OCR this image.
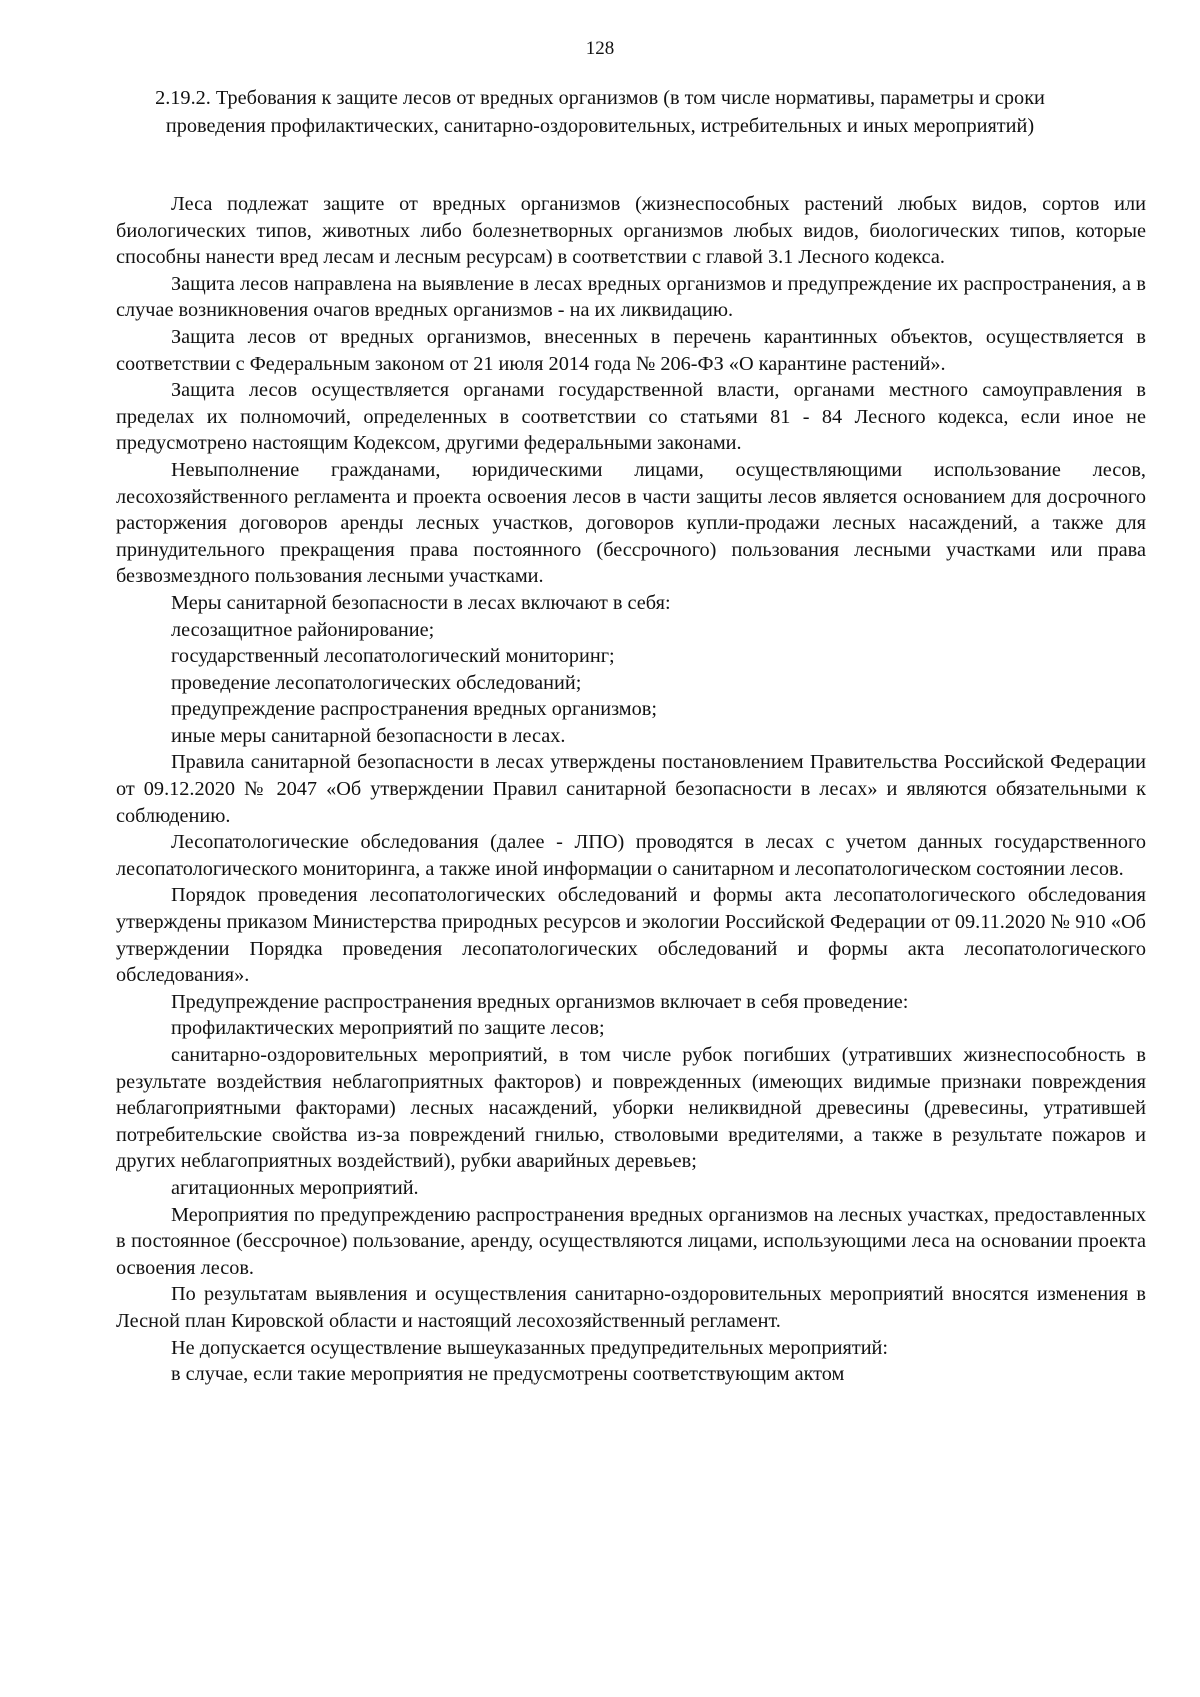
128
2.19.2. Требования к защите лесов от вредных организмов (в том числе нормативы, параметры и сроки проведения профилактических, санитарно-оздоровительных, истребительных и иных мероприятий)

Леса подлежат защите от вредных организмов (жизнеспособных растений любых видов, сортов или биологических типов, животных либо болезнетворных организмов любых видов, биологических типов, которые способны нанести вред лесам и лесным ресурсам) в соответствии с главой 3.1 Лесного кодекса.

Защита лесов направлена на выявление в лесах вредных организмов и предупреждение их распространения, а в случае возникновения очагов вредных организмов - на их ликвидацию.

Защита лесов от вредных организмов, внесенных в перечень карантинных объектов, осуществляется в соответствии с Федеральным законом от 21 июля 2014 года № 206-ФЗ «О карантине растений».

Защита лесов осуществляется органами государственной власти, органами местного самоуправления в пределах их полномочий, определенных в соответствии со статьями 81 - 84 Лесного кодекса, если иное не предусмотрено настоящим Кодексом, другими федеральными законами.

Невыполнение гражданами, юридическими лицами, осуществляющими использование лесов, лесохозяйственного регламента и проекта освоения лесов в части защиты лесов является основанием для досрочного расторжения договоров аренды лесных участков, договоров купли-продажи лесных насаждений, а также для принудительного прекращения права постоянного (бессрочного) пользования лесными участками или права безвозмездного пользования лесными участками.

Меры санитарной безопасности в лесах включают в себя:

лесозащитное районирование;

государственный лесопатологический мониторинг;

проведение лесопатологических обследований;

предупреждение распространения вредных организмов;

иные меры санитарной безопасности в лесах.

Правила санитарной безопасности в лесах утверждены постановлением Правительства Российской Федерации от 09.12.2020 № 2047 «Об утверждении Правил санитарной безопасности в лесах» и являются обязательными к соблюдению.

Лесопатологические обследования (далее - ЛПО) проводятся в лесах с учетом данных государственного лесопатологического мониторинга, а также иной информации о санитарном и лесопатологическом состоянии лесов.

Порядок проведения лесопатологических обследований и формы акта лесопатологического обследования утверждены приказом Министерства природных ресурсов и экологии Российской Федерации от 09.11.2020 № 910 «Об утверждении Порядка проведения лесопатологических обследований и формы акта лесопатологического обследования».

Предупреждение распространения вредных организмов включает в себя проведение:

профилактических мероприятий по защите лесов;

санитарно-оздоровительных мероприятий, в том числе рубок погибших (утративших жизнеспособность в результате воздействия неблагоприятных факторов) и поврежденных (имеющих видимые признаки повреждения неблагоприятными факторами) лесных насаждений, уборки неликвидной древесины (древесины, утратившей потребительские свойства из-за повреждений гнилью, стволовыми вредителями, а также в результате пожаров и других неблагоприятных воздействий), рубки аварийных деревьев;

агитационных мероприятий.

Мероприятия по предупреждению распространения вредных организмов на лесных участках, предоставленных в постоянное (бессрочное) пользование, аренду, осуществляются лицами, использующими леса на основании проекта освоения лесов.

По результатам выявления и осуществления санитарно-оздоровительных мероприятий вносятся изменения в Лесной план Кировской области и настоящий лесохозяйственный регламент.

Не допускается осуществление вышеуказанных предупредительных мероприятий:

в случае, если такие мероприятия не предусмотрены соответствующим актом
